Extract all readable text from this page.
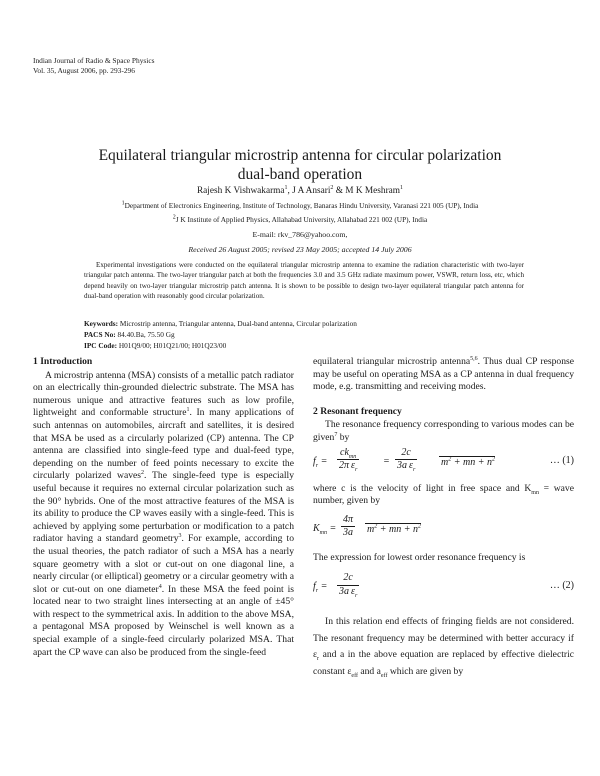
Indian Journal of Radio & Space Physics
Vol. 35, August 2006, pp. 293-296
Equilateral triangular microstrip antenna for circular polarization
dual-band operation
Rajesh K Vishwakarma$^1$, J A Ansari$^2$ & M K Meshram$^1$
$^1$Department of Electronics Engineering, Institute of Technology, Banaras Hindu University, Varanasi 221 005 (UP), India
$^2$J K Institute of Applied Physics, Allahabad University, Allahabad 221 002 (UP), India
E-mail: rkv_786@yahoo.com,
Received 26 August 2005; revised 23 May 2005; accepted 14 July 2006
Experimental investigations were conducted on the equilateral triangular microstrip antenna to examine the radiation characteristic with two-layer triangular patch antenna. The two-layer triangular patch at both the frequencies 3.0 and 3.5 GHz radiate maximum power, VSWR, return loss, etc, which depend heavily on two-layer triangular microstrip patch antenna. It is shown to be possible to design two-layer equilateral triangular patch antenna for dual-band operation with reasonably good circular polarization.
Keywords: Microstrip antenna, Triangular antenna, Dual-band antenna, Circular polarization
PACS No: 84.40.Ba, 75.50 Gg
IPC Code: H01Q9/00; H01Q21/00; H01Q23/00
1 Introduction

A microstrip antenna (MSA) consists of a metallic patch radiator on an electrically thin-grounded dielectric substrate. The MSA has numerous unique and attractive features such as low profile, lightweight and conformable structure$^1$. In many applications of such antennas on automobiles, aircraft and satellites, it is desired that MSA be used as a circularly polarized (CP) antenna. The CP antenna are classified into single-feed type and dual-feed type, depending on the number of feed points necessary to excite the circularly polarized waves$^2$. The single-feed type is especially useful because it requires no external circular polarization such as the 90° hybrids. One of the most attractive features of the MSA is its ability to produce the CP waves easily with a single-feed. This is achieved by applying some perturbation or modification to a patch radiator having a standard geometry$^3$. For example, according to the usual theories, the patch radiator of such a MSA has a nearly square geometry with a slot or cut-out on one diagonal line, a nearly circular (or elliptical) geometry or a circular geometry with a slot or cut-out on one diameter$^4$. In these MSA the feed point is located near to two straight lines intersecting at an angle of ±45° with respect to the symmetrical axis. In addition to the above MSA, a pentagonal MSA proposed by Weinschel is well known as a special example of a single-feed circularly polarized MSA. That apart the CP wave can also be produced from the single-feed

equilateral triangular microstrip antenna$^{5,6}$. Thus dual CP response may be useful on operating MSA as a CP antenna in dual frequency mode, e.g. transmitting and receiving modes.

2 Resonant frequency

The resonance frequency corresponding to various modes can be given$^7$ by

$f_r$ =
$ck_{mn}$
2π $\varepsilon_r$
=
2c
3a $\varepsilon_r$
$m^2$ + mn + $n^2$	… (1)

where c is the velocity of light in free space and $K_{mn}$ = wave number, given by

$K_{mn} = \frac{4\pi}{3a} m^2$ + mn + $n^2$

The expression for lowest order resonance frequency is

$f_r$ =
2c
3a $\varepsilon_r$
… (2)

In this relation end effects of fringing fields are not considered. The resonant frequency may be determined with better accuracy if $\varepsilon_r$ and a in the above equation are replaced by effective dielectric constant $\varepsilon_{eff}$ and $a_{eff}$ which are given by
